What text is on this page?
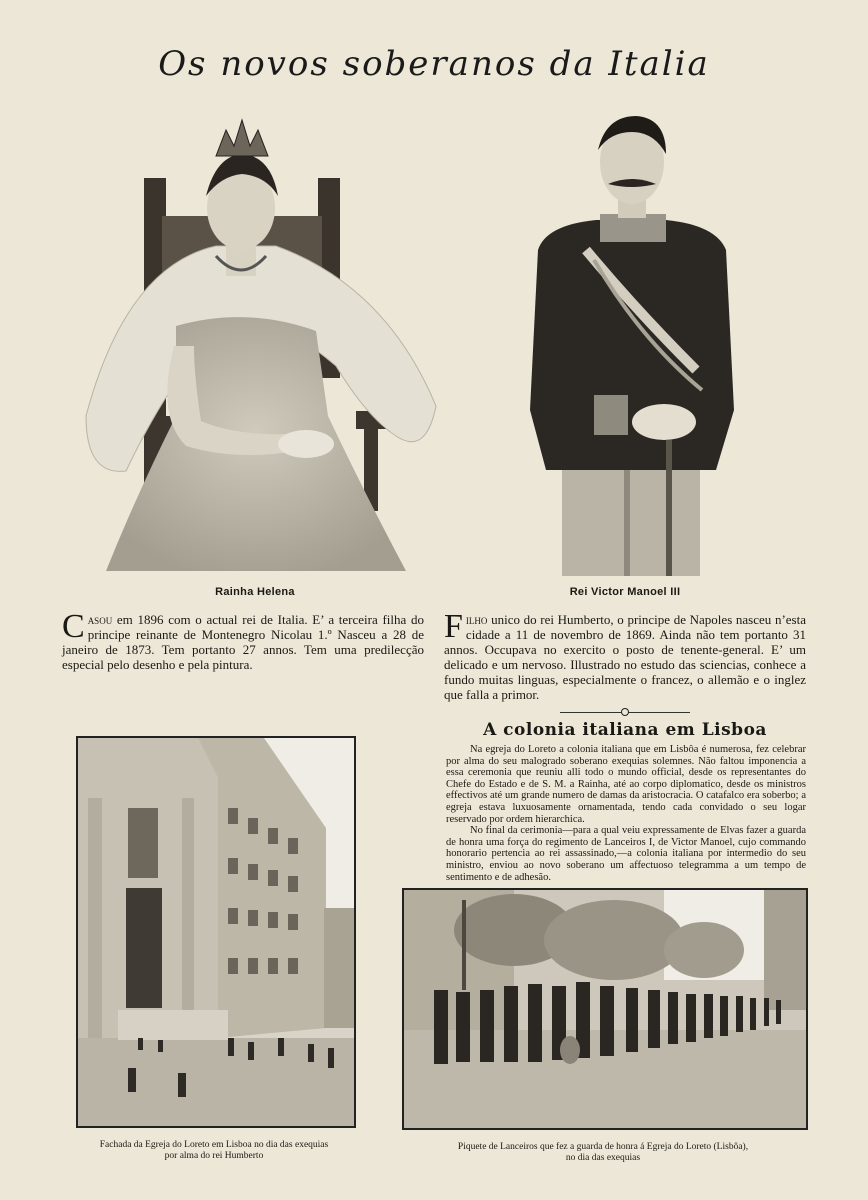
Os novos soberanos da Italia
Rainha Helena	Rei Victor Manoel III
Casou em 1896 com o actual rei de Italia. E’ a terceira filha do principe reinante de Montenegro Nicolau 1.º Nasceu a 28 de janeiro de 1873. Tem portanto 27 annos. Tem uma predilecção especial pelo desenho e pela pintura.
Filho unico do rei Humberto, o principe de Napoles nasceu n’esta cidade a 11 de novembro de 1869. Ainda não tem portanto 31 annos. Occupava no exercito o posto de tenente-general. E’ um delicado e um nervoso. Illustrado no estudo das sciencias, conhece a fundo muitas linguas, especialmente o francez, o allemão e o inglez que falla a primor.
A colonia italiana em Lisboa

Na egreja do Loreto a colonia italiana que em Lisbôa é numerosa, fez celebrar por alma do seu malogrado soberano exequias solemnes. Não faltou imponencia a essa ceremonia que reuniu alli todo o mundo official, desde os representantes do Chefe do Estado e de S. M. a Rainha, até ao corpo diplomatico, desde os ministros effectivos até um grande numero de damas da aristocracia. O catafalco era soberbo; a egreja estava luxuosamente ornamentada, tendo cada convidado o seu logar reservado por ordem hierarchica.

No final da cerimonia—para a qual veiu expressamente de Elvas fazer a guarda de honra uma força do regimento de Lanceiros I, de Victor Manoel, cujo commando honorario pertencia ao rei assassinado,—a colonia italiana por intermedio do seu ministro, enviou ao novo soberano um affectuoso telegramma a um tempo de sentimento e de adhesão.

Fachada da Egreja do Loreto em Lisboa no dia das exequias
por alma do rei Humberto
Piquete de Lanceiros que fez a guarda de honra á Egreja do Loreto (Lisbôa),
no dia das exequias
